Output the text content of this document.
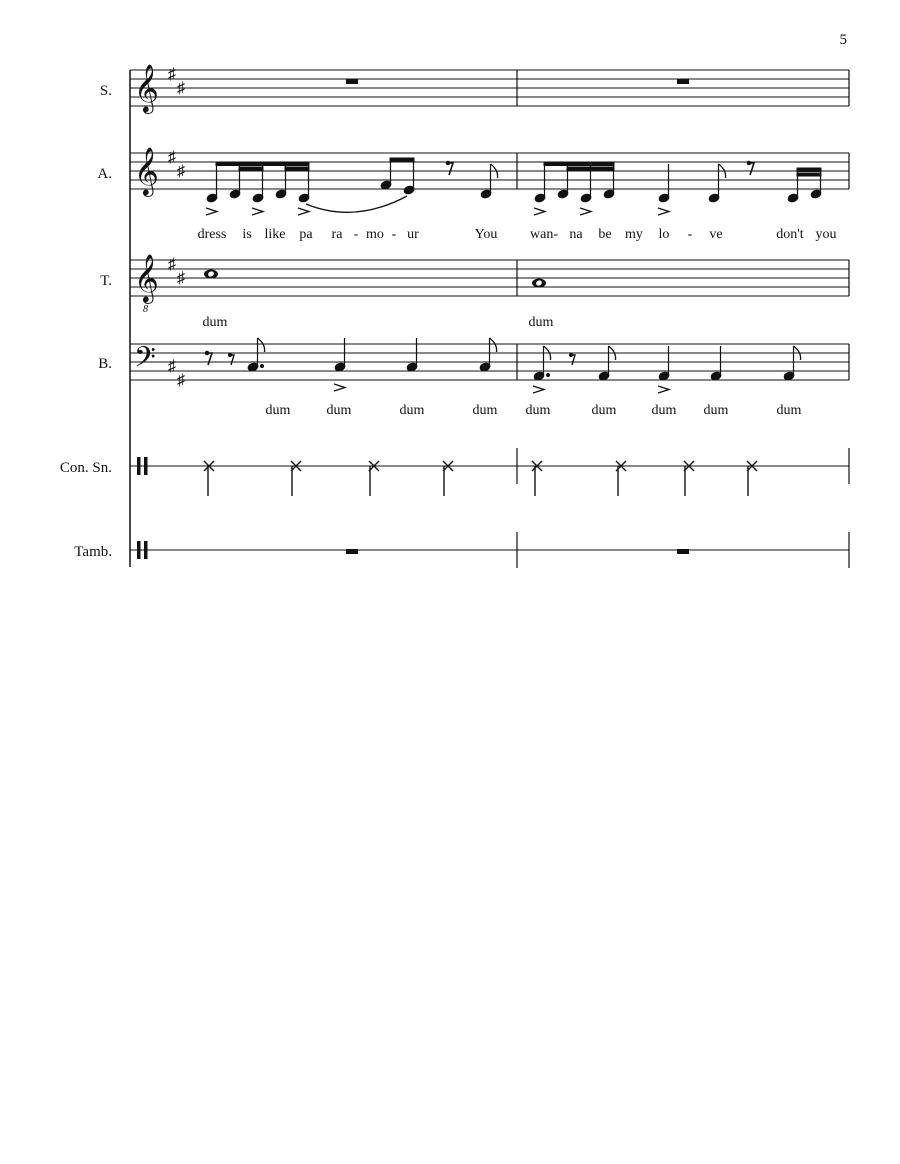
5
S.
A.
T.
B.
Con. Sn.
Tamb.
𝄞 ♯
♯
𝄞 ♯
♯
dress is like pa ra - mo - ur	You wan- na be my lo - ve	don't you
𝄞
8
♯
♯
dum	dum
𝄢 ♯
♯
dum	dum	dum	dum dum	dum	dum dum	dum
